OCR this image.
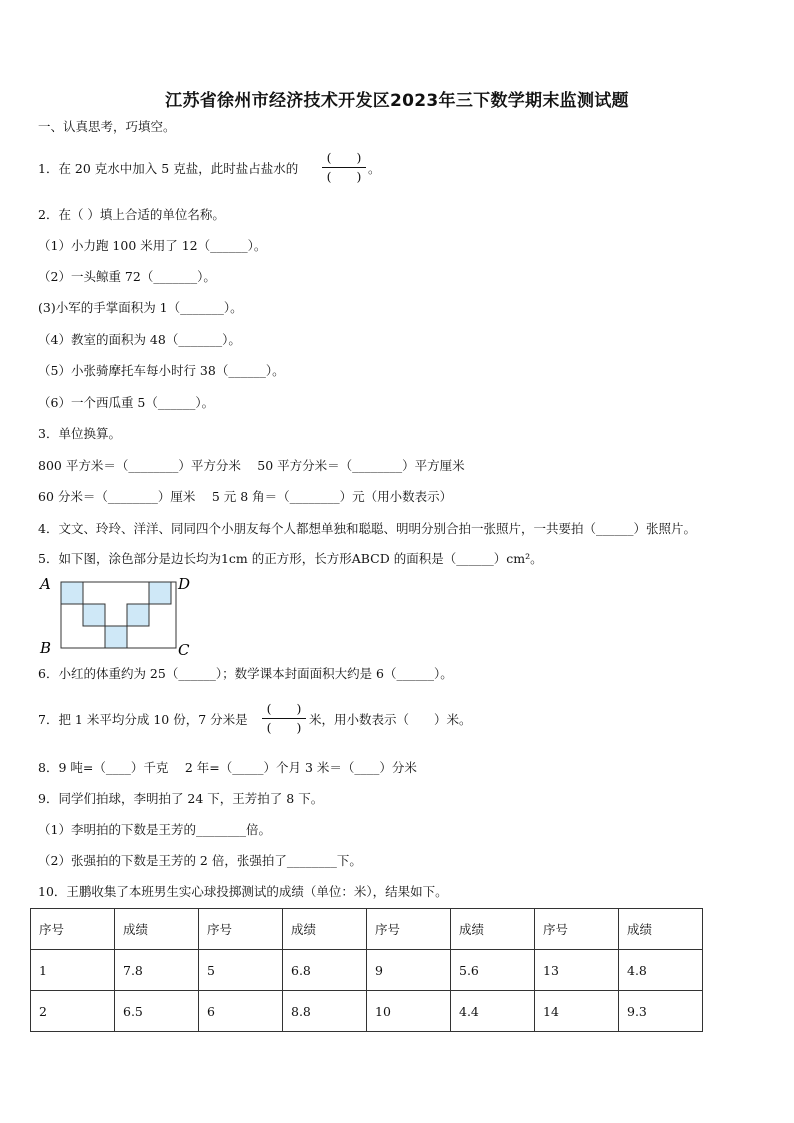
江苏省徐州市经济技术开发区2023年三下数学期末监测试题
一、认真思考，巧填空。
1．在 20 克水中加入 5 克盐，此时盐占盐水的
(　　)
(　　)
。
2．在（ ）填上合适的单位名称。
（1）小力跑 100 米用了 12（______）。
（2）一头鲸重 72（_______）。
(3)小军的手掌面积为 1（_______）。
（4）教室的面积为 48（_______）。
（5）小张骑摩托车每小时行 38（______）。
（6）一个西瓜重 5（______）。
3．单位换算。
800 平方米＝（________）平方分米　 50 平方分米＝（________）平方厘米
60 分米＝（________）厘米　 5 元 8 角＝（________）元（用小数表示）
4．文文、玲玲、洋洋、同同四个小朋友每个人都想单独和聪聪、明明分别合拍一张照片，一共要拍（______）张照片。
5．如下图，涂色部分是边长均为1cm 的正方形，长方形ABCD 的面积是（______）cm²。
A	D
B	C
6．小红的体重约为 25（______）；数学课本封面面积大约是 6（______）。
7．把 1 米平均分成 10 份，7 分米是
(　　)
(　　)
米，用小数表示（　　）米。
8．9 吨=（____）千克　 2 年=（_____）个月 3 米＝（____）分米
9．同学们拍球，李明拍了 24 下，王芳拍了 8 下。
（1）李明拍的下数是王芳的________倍。
（2）张强拍的下数是王芳的 2 倍，张强拍了________下。
10．王鹏收集了本班男生实心球投掷测试的成绩（单位：米），结果如下。
序号	成绩	序号	成绩	序号	成绩	序号	成绩
1	7.8	5	6.8	9	5.6	13	4.8
2	6.5	6	8.8	10	4.4	14	9.3
